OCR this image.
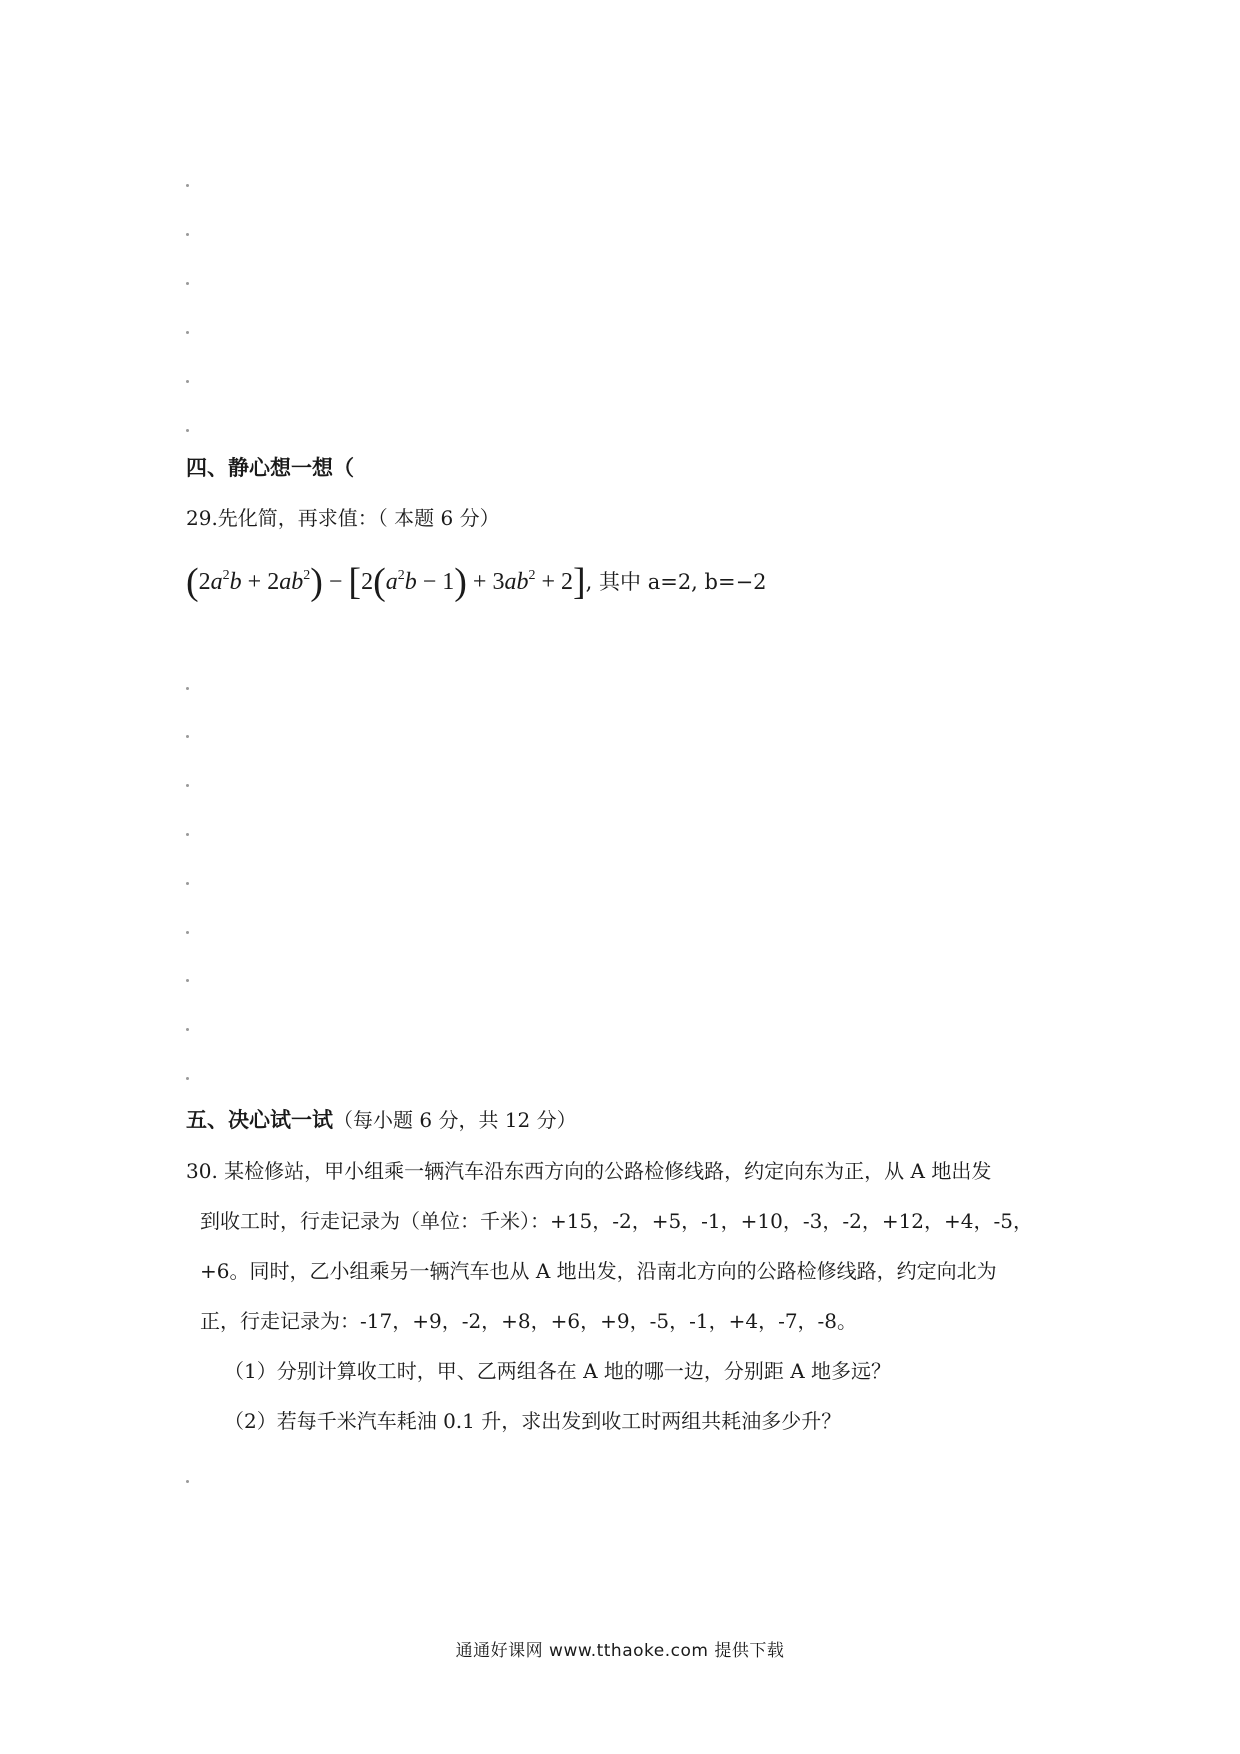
四、静心想一想（
29.先化简，再求值：（ 本题 6 分）
$(2a^2b + 2ab^2) - [2(a^2b - 1) + 3ab^2 + 2]$, 其中 a=2, b=−2
五、决心试一试（每小题 6 分，共 12 分）
30. 某检修站，甲小组乘一辆汽车沿东西方向的公路检修线路，约定向东为正，从 A 地出发
到收工时，行走记录为（单位：千米）：+15，-2，+5，-1，+10，-3，-2，+12，+4，-5，
+6。同时，乙小组乘另一辆汽车也从 A 地出发，沿南北方向的公路检修线路，约定向北为
正，行走记录为：-17，+9，-2，+8，+6，+9，-5，-1，+4，-7，-8。
（1）分别计算收工时，甲、乙两组各在 A 地的哪一边，分别距 A 地多远？
（2）若每千米汽车耗油 0.1 升，求出发到收工时两组共耗油多少升？
通通好课网 www.tthaoke.com 提供下载
